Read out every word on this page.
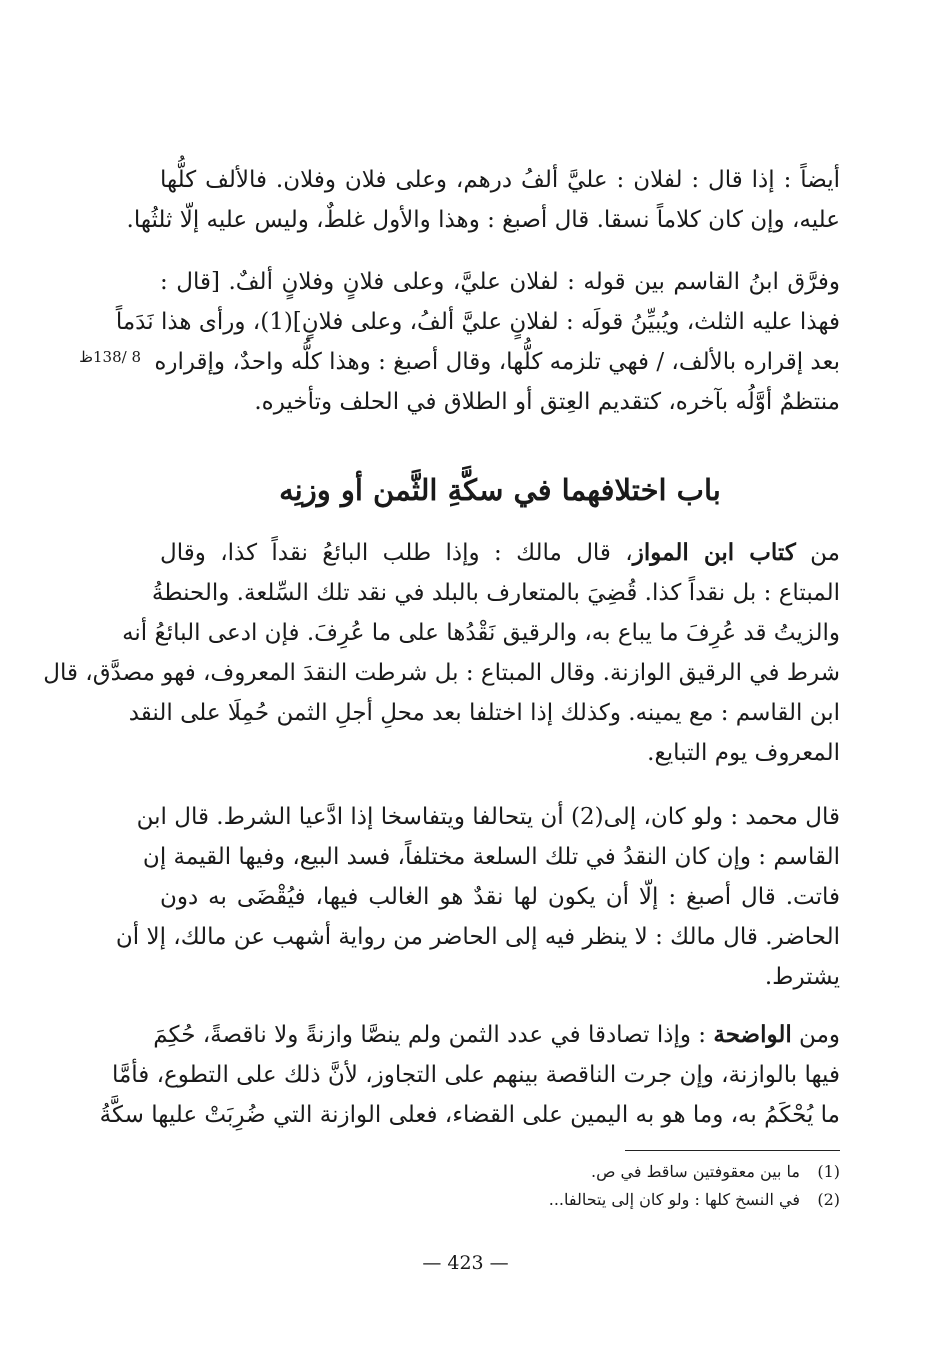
أيضاً : إذا قال : لفلان : عليَّ ألفُ درهم، وعلى فلان وفلان. فالألف كلُّها
عليه، وإن كان كلاماً نسقا. قال أصبغ : وهذا والأول غلطٌ، وليس عليه إلّا ثلثُها.
وفرَّق ابنُ القاسم بين قوله : لفلان عليَّ، وعلى فلانٍ وفلانٍ ألفٌ. [قال :
فهذا عليه الثلث، ويُبيِّنُ قولَه : لفلانٍ عليَّ ألفُ، وعلى فلانٍ](1)، ورأى هذا نَدَماً
بعد إقراره بالألف، / فهي تلزمه كلُّها، وقال أصبغ : وهذا كلُّه واحدٌ، وإقراره
منتظمٌ أوَّلُه بآخره، كتقديم العِتق أو الطلاق في الحلف وتأخيره.
8 /138ظ
باب اختلافهما في سكَّةِ الثَّمن أو وزنِه
من كتاب ابن المواز، قال مالك : وإذا طلب البائعُ نقداً كذا، وقال
المبتاع : بل نقداً كذا. قُضِيَ بالمتعارف بالبلد في نقد تلك السِّلعة. والحنطةُ
والزيتُ قد عُرِفَ ما يباع به، والرقيق نَقْدُها على ما عُرِفَ. فإن ادعى البائعُ أنه
شرط في الرقيق الوازنة. وقال المبتاع : بل شرطت النقدَ المعروف، فهو مصدَّق، قال
ابن القاسم : مع يمينه. وكذلك إذا اختلفا بعد محلِ أجلِ الثمن حُمِلَا على النقد
المعروف يوم التبايع.
قال محمد : ولو كان، إلى(2) أن يتحالفا ويتفاسخا إذا ادَّعيا الشرط. قال ابن
القاسم : وإن كان النقدُ في تلك السلعة مختلفاً، فسد البيع، وفيها القيمة إن
فاتت. قال أصبغ : إلّا أن يكون لها نقدٌ هو الغالب فيها، فيُقْضَى به دون
الحاضر. قال مالك : لا ينظر فيه إلى الحاضر من رواية أشهب عن مالك، إلا أن
يشترط.
ومن الواضحة : وإذا تصادقا في عدد الثمن ولم ينصَّا وازنةً ولا ناقصةً، حُكِمَ
فيها بالوازنة، وإن جرت الناقصة بينهم على التجاوز، لأنَّ ذلك على التطوع، فأمَّا
ما يُحْكَمُ به، وما هو به اليمين على القضاء، فعلى الوازنة التي ضُرِبَتْ عليها سكَّةُ
(1)ما بين معقوفتين ساقط في ص.
(2)في النسخ كلها : ولو كان إلى يتحالفا...
— 423 —
